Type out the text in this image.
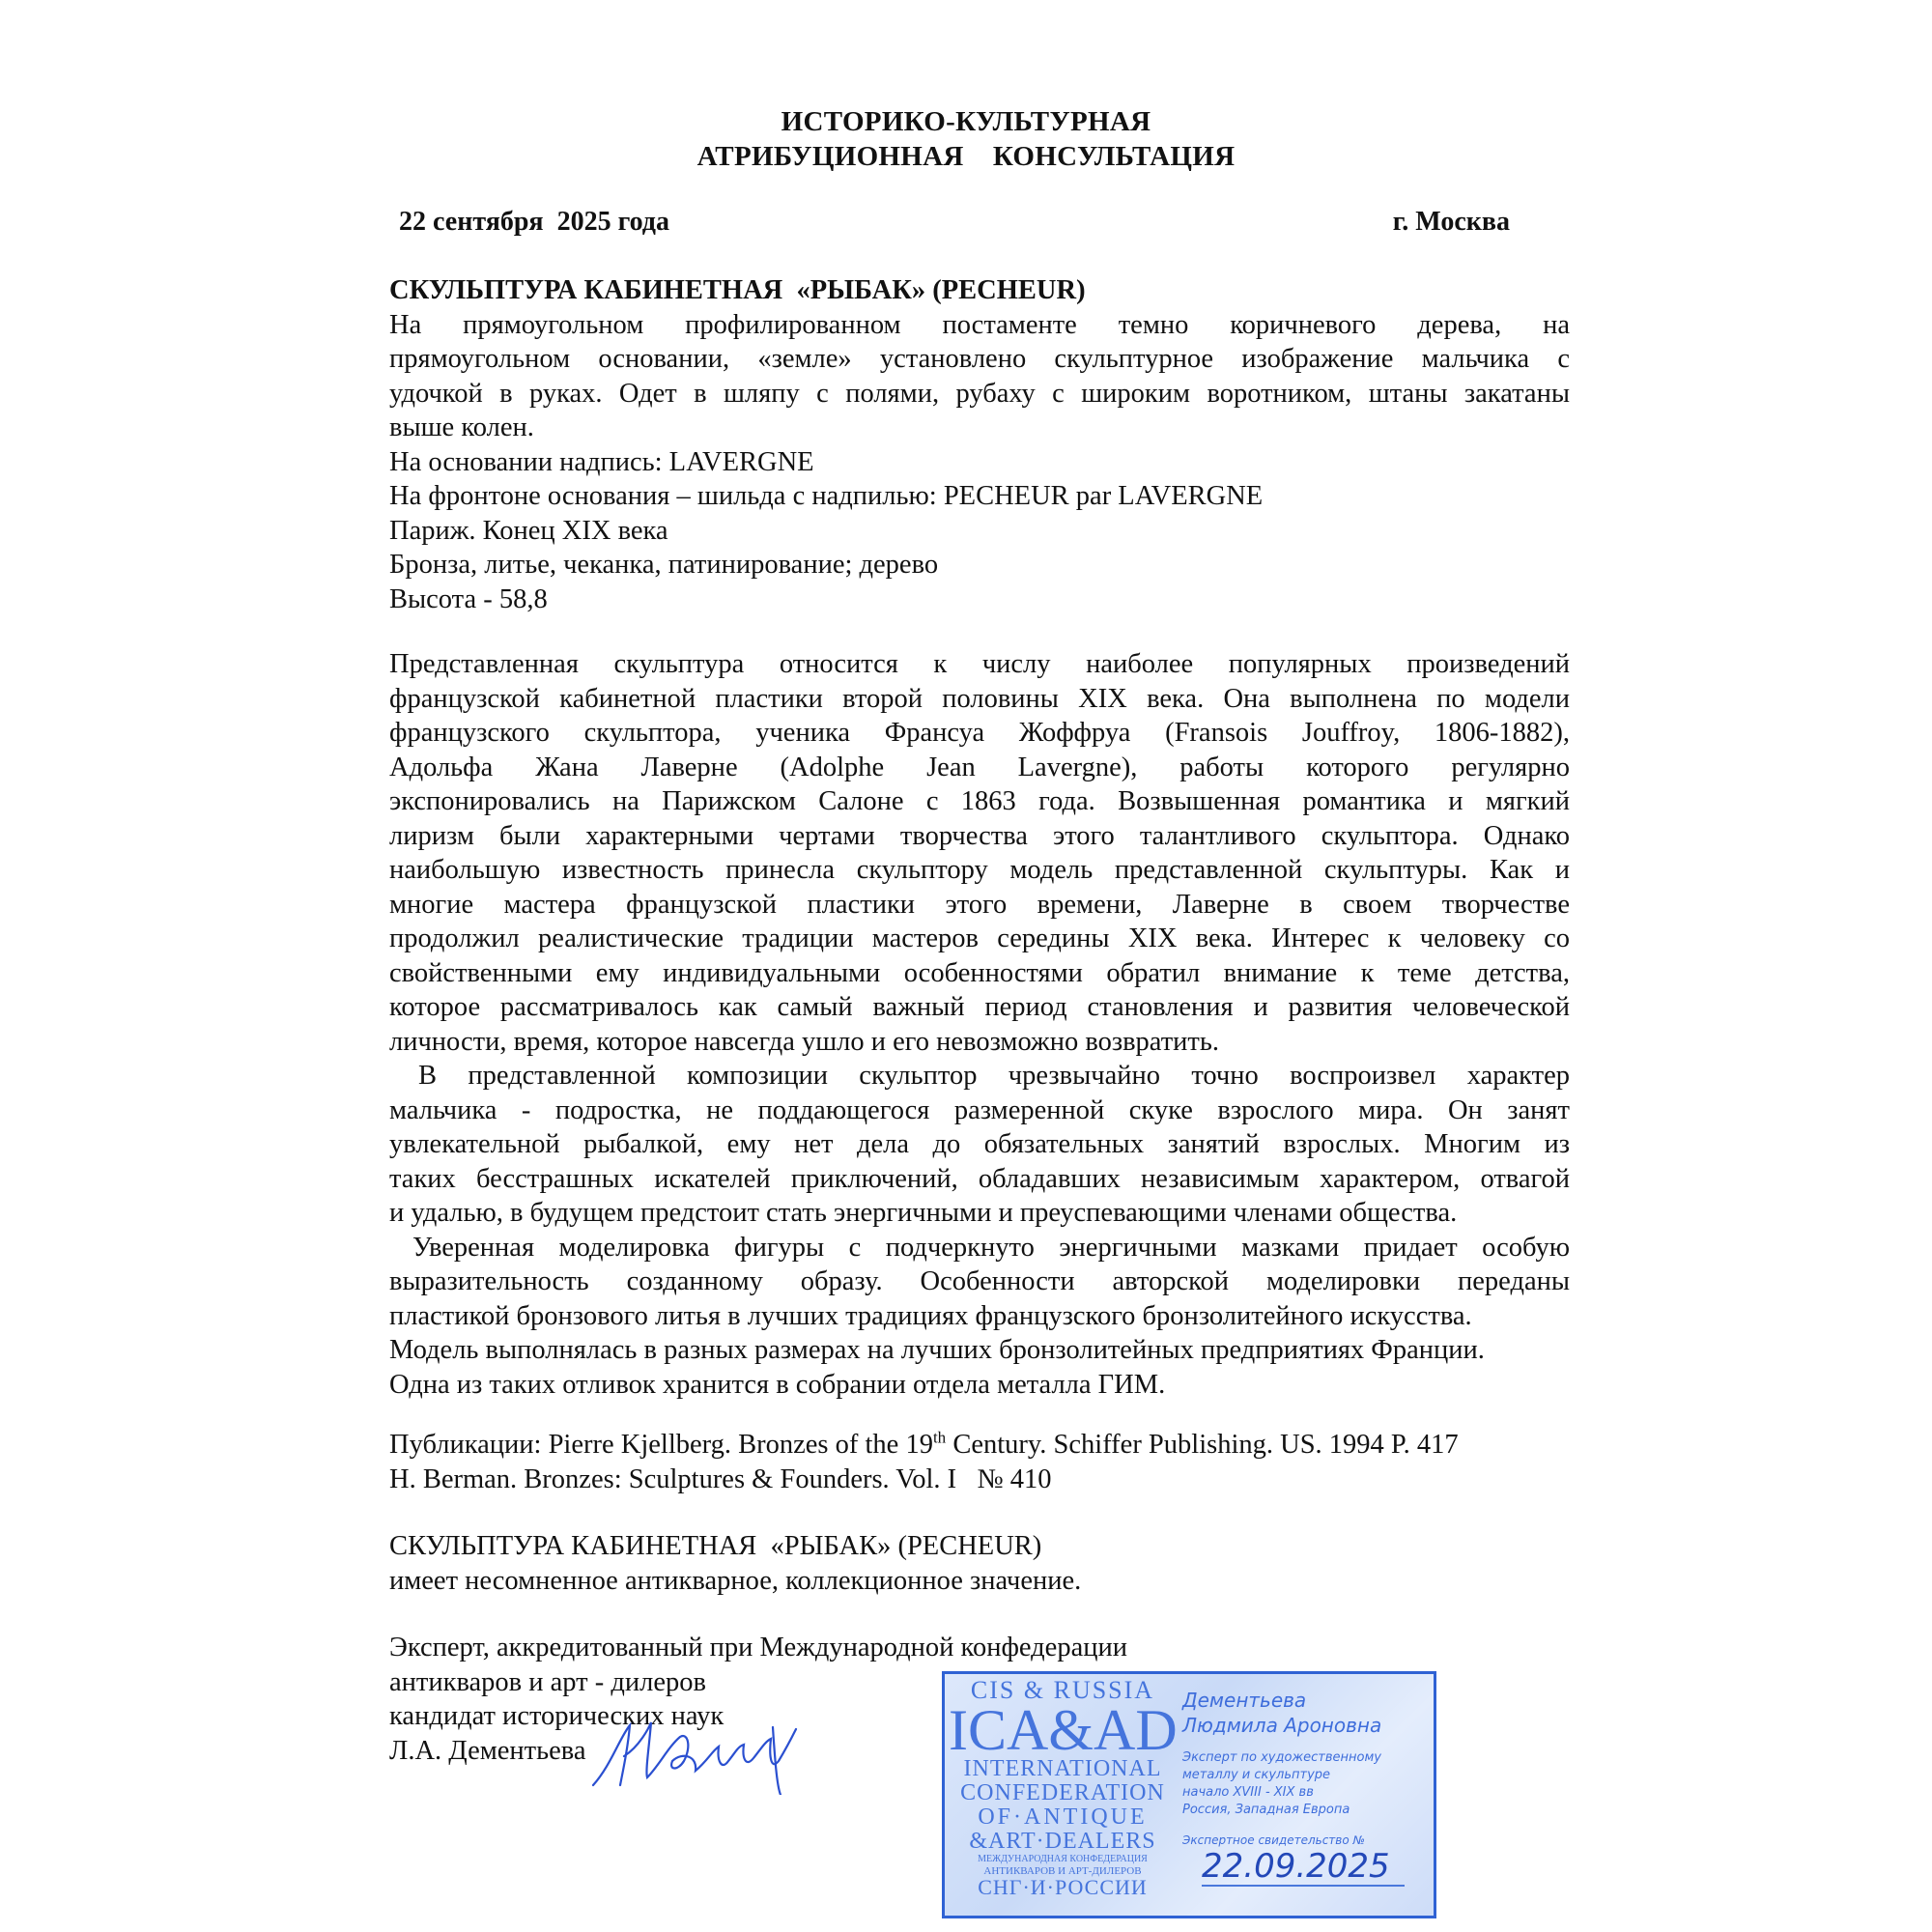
ИСТОРИКО-КУЛЬТУРНАЯ
АТРИБУЦИОННАЯ    КОНСУЛЬТАЦИЯ
22 сентября  2025 года	г. Москва
СКУЛЬПТУРА КАБИНЕТНАЯ  «РЫБАК» (PECHEUR)
На прямоугольном профилированном постаменте темно коричневого дерева, на
прямоугольном основании, «земле» установлено скульптурное изображение мальчика с
удочкой в руках. Одет в шляпу с полями, рубаху с широким воротником, штаны закатаны
выше колен.
На основании надпись: LAVERGNE
На фронтоне основания – шильда с надпилью: PECHEUR par LAVERGNE
Париж. Конец XIX века
Бронза, литье, чеканка, патинирование; дерево
Высота - 58,8
Представленная скульптура относится к числу наиболее популярных произведений
французской кабинетной пластики второй половины XIX века. Она выполнена по модели
французского скульптора, ученика Франсуа Жоффруа (Fransois Jouffroy, 1806-1882),
Адольфа Жана Лаверне (Adolphe Jean Lavergne), работы которого регулярно
экспонировались на Парижском Салоне с 1863 года. Возвышенная романтика и мягкий
лиризм были характерными чертами творчества этого талантливого скульптора. Однако
наибольшую известность принесла скульптору модель представленной скульптуры. Как и
многие мастера французской пластики этого времени, Лаверне в своем творчестве
продолжил реалистические традиции мастеров середины XIX века. Интерес к человеку со
свойственными ему индивидуальными особенностями обратил внимание к теме детства,
которое рассматривалось как самый важный период становления и развития человеческой
личности, время, которое навсегда ушло и его невозможно возвратить.
В представленной композиции скульптор чрезвычайно точно воспроизвел характер
мальчика - подростка, не поддающегося размеренной скуке взрослого мира. Он занят
увлекательной рыбалкой, ему нет дела до обязательных занятий взрослых. Многим из
таких бесстрашных искателей приключений, обладавших независимым характером, отвагой
и удалью, в будущем предстоит стать энергичными и преуспевающими членами общества.
Уверенная моделировка фигуры с подчеркнуто энергичными мазками придает особую
выразительность созданному образу. Особенности авторской моделировки переданы
пластикой бронзового литья в лучших традициях французского бронзолитейного искусства.
Модель выполнялась в разных размерах на лучших бронзолитейных предприятиях Франции.
Одна из таких отливок хранится в собрании отдела металла ГИМ.
Публикации: Pierre Kjellberg. Bronzes of the 19th Century. Schiffer Publishing. US. 1994 P. 417
H. Berman. Bronzes: Sculptures & Founders. Vol. I   № 410
СКУЛЬПТУРА КАБИНЕТНАЯ  «РЫБАК» (PECHEUR)
имеет несомненное антикварное, коллекционное значение.
CIS & RUSSIA
ICA&AD
INTERNATIONAL
CONFEDERATION
OF·ANTIQUE
&ART·DEALERS
МЕЖДУНАРОДНАЯ КОНФЕДЕРАЦИЯ
АНТИКВАРОВ И АРТ-ДИЛЕРОВ
СНГ·И·РОССИИ
Дементьева
Людмила Ароновна
Эксперт по художественному
металлу и скульптуре
начало XVIII - XIX вв
Россия, Западная Европа
Экспертное свидетельство №
22.09.2025
Эксперт, аккредитованный при Международной конфедерации
антикваров и арт - дилеров
кандидат исторических наук
Л.А. Дементьева
